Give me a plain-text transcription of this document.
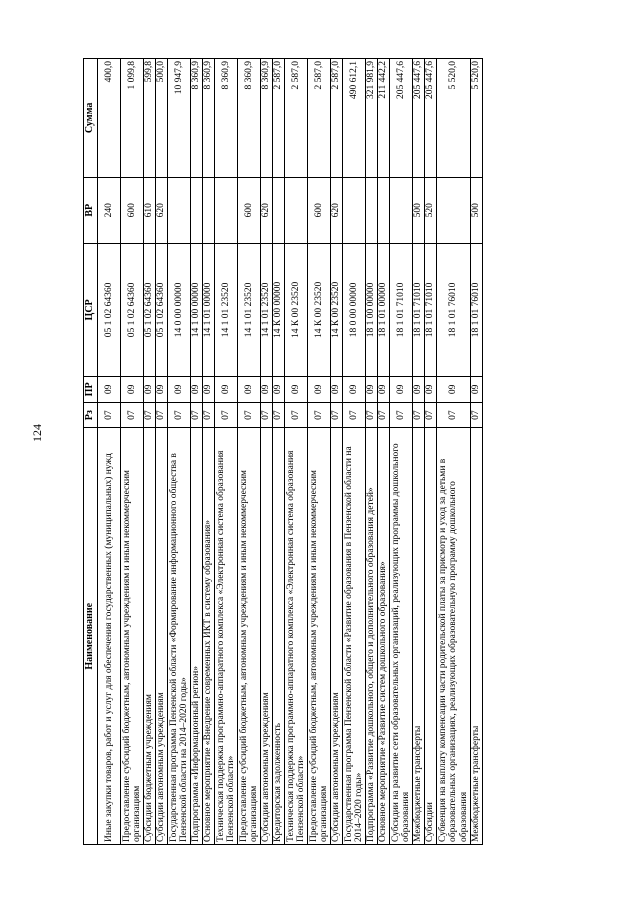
124
Наименование	Рз	ПР	ЦСР	ВР	Сумма
Иные закупки товаров, работ и услуг для обеспечения государственных (муниципальных) нужд	07	09	05 1 02 64360	240	400,0
Предоставление субсидий бюджетным, автономным учреждениям и иным некоммерческим организациям	07	09	05 1 02 64360	600	1 099,8
Субсидии бюджетным учреждениям	07	09	05 1 02 64360	610	599,8
Субсидии автономным учреждениям	07	09	05 1 02 64360	620	500,0
Государственная программа Пензенской области «Формирование информационного общества в Пензенской области на 2014–2020 годы»	07	09	14 0 00 00000		10 947,9
Подпрограмма «Информационный регион»	07	09	14 1 00 00000		8 360,9
Основное мероприятие «Внедрение современных ИКТ в систему образования»	07	09	14 1 01 00000		8 360,9
Техническая поддержка программно-аппаратного комплекса «Электронная система образования Пензенской области»	07	09	14 1 01 23520		8 360,9
Предоставление субсидий бюджетным, автономным учреждениям и иным некоммерческим организациям	07	09	14 1 01 23520	600	8 360,9
Субсидии автономным учреждениям	07	09	14 1 01 23520	620	8 360,9
Кредиторская задолженность	07	09	14 К 00 00000		2 587,0
Техническая поддержка программно-аппаратного комплекса «Электронная система образования Пензенской области»	07	09	14 К 00 23520		2 587,0
Предоставление субсидий бюджетным, автономным учреждениям и иным некоммерческим организациям	07	09	14 К 00 23520	600	2 587,0
Субсидии автономным учреждениям	07	09	14 К 00 23520	620	2 587,0
Государственная программа Пензенской области «Развитие образования в Пензенской области на 2014–2020 годы»	07	09	18 0 00 00000		490 612,1
Подпрограмма «Развитие дошкольного, общего и дополнительного образования детей»	07	09	18 1 00 00000		321 981,9
Основное мероприятие «Развитие систем дошкольного образования»	07	09	18 1 01 00000		211 442,2
Субсидии на развитие сети образовательных организаций, реализующих программы дошкольного образования	07	09	18 1 01 71010		205 447,6
Межбюджетные трансферты	07	09	18 1 01 71010	500	205 447,6
Субсидии	07	09	18 1 01 71010	520	205 447,6
Субвенция на выплату компенсации части родительской платы за присмотр и уход за детьми в образовательных организациях, реализующих образовательную программу дошкольного образования	07	09	18 1 01 76010		5 520,0
Межбюджетные трансферты	07	09	18 1 01 76010	500	5 520,0
